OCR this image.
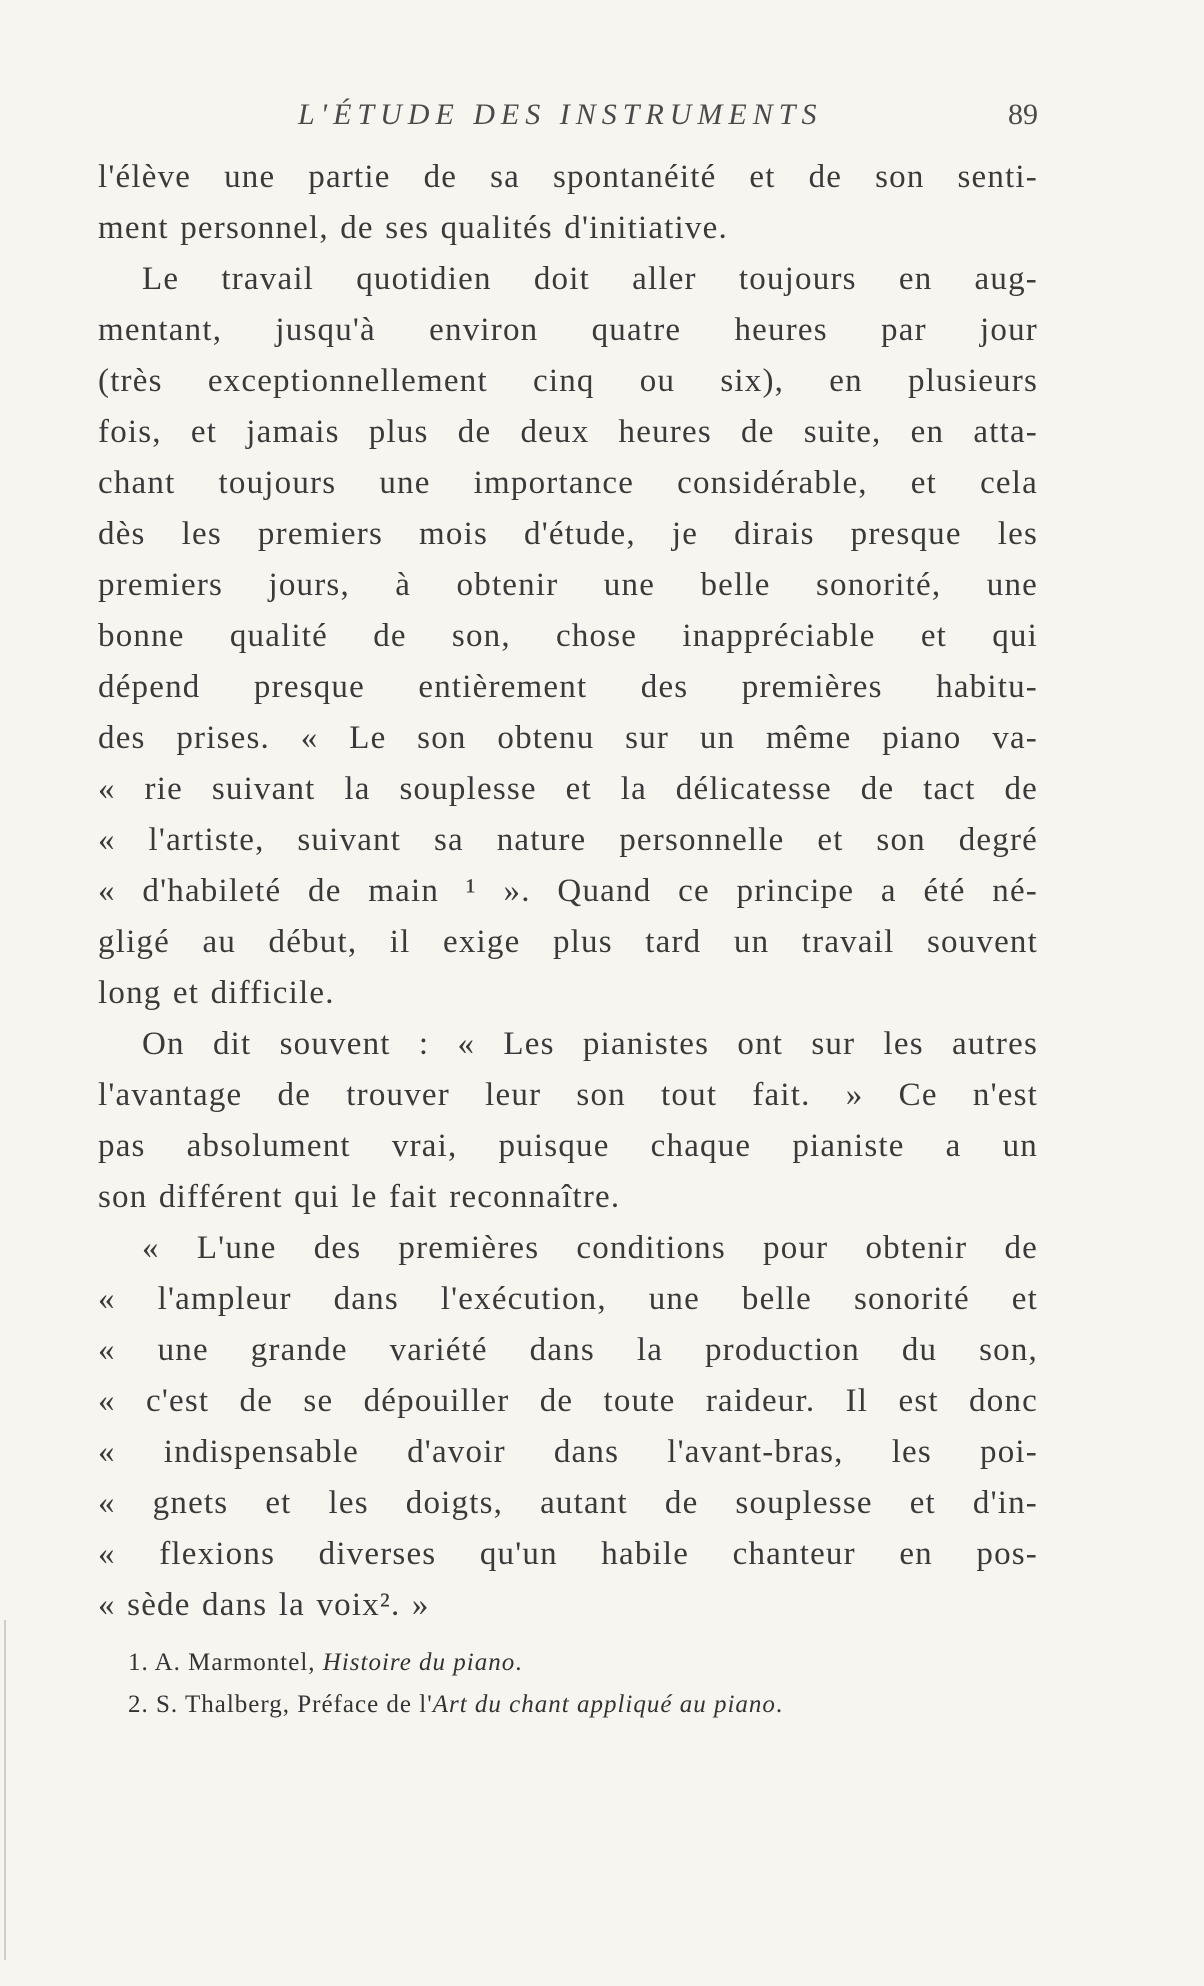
L'ÉTUDE DES INSTRUMENTS	89
l'élève une partie de sa spontanéité et de son senti-
ment personnel, de ses qualités d'initiative.
Le travail quotidien doit aller toujours en aug-
mentant, jusqu'à environ quatre heures par jour
(très exceptionnellement cinq ou six), en plusieurs
fois, et jamais plus de deux heures de suite, en atta-
chant toujours une importance considérable, et cela
dès les premiers mois d'étude, je dirais presque les
premiers jours, à obtenir une belle sonorité, une
bonne qualité de son, chose inappréciable et qui
dépend presque entièrement des premières habitu-
des prises. « Le son obtenu sur un même piano va-
« rie suivant la souplesse et la délicatesse de tact de
« l'artiste, suivant sa nature personnelle et son degré
« d'habileté de main ¹ ». Quand ce principe a été né-
gligé au début, il exige plus tard un travail souvent
long et difficile.
On dit souvent : « Les pianistes ont sur les autres
l'avantage de trouver leur son tout fait. » Ce n'est
pas absolument vrai, puisque chaque pianiste a un
son différent qui le fait reconnaître.
« L'une des premières conditions pour obtenir de
« l'ampleur dans l'exécution, une belle sonorité et
« une grande variété dans la production du son,
« c'est de se dépouiller de toute raideur. Il est donc
« indispensable d'avoir dans l'avant-bras, les poi-
« gnets et les doigts, autant de souplesse et d'in-
« flexions diverses qu'un habile chanteur en pos-
« sède dans la voix². »
1. A. Marmontel, Histoire du piano.
2. S. Thalberg, Préface de l'Art du chant appliqué au piano.
